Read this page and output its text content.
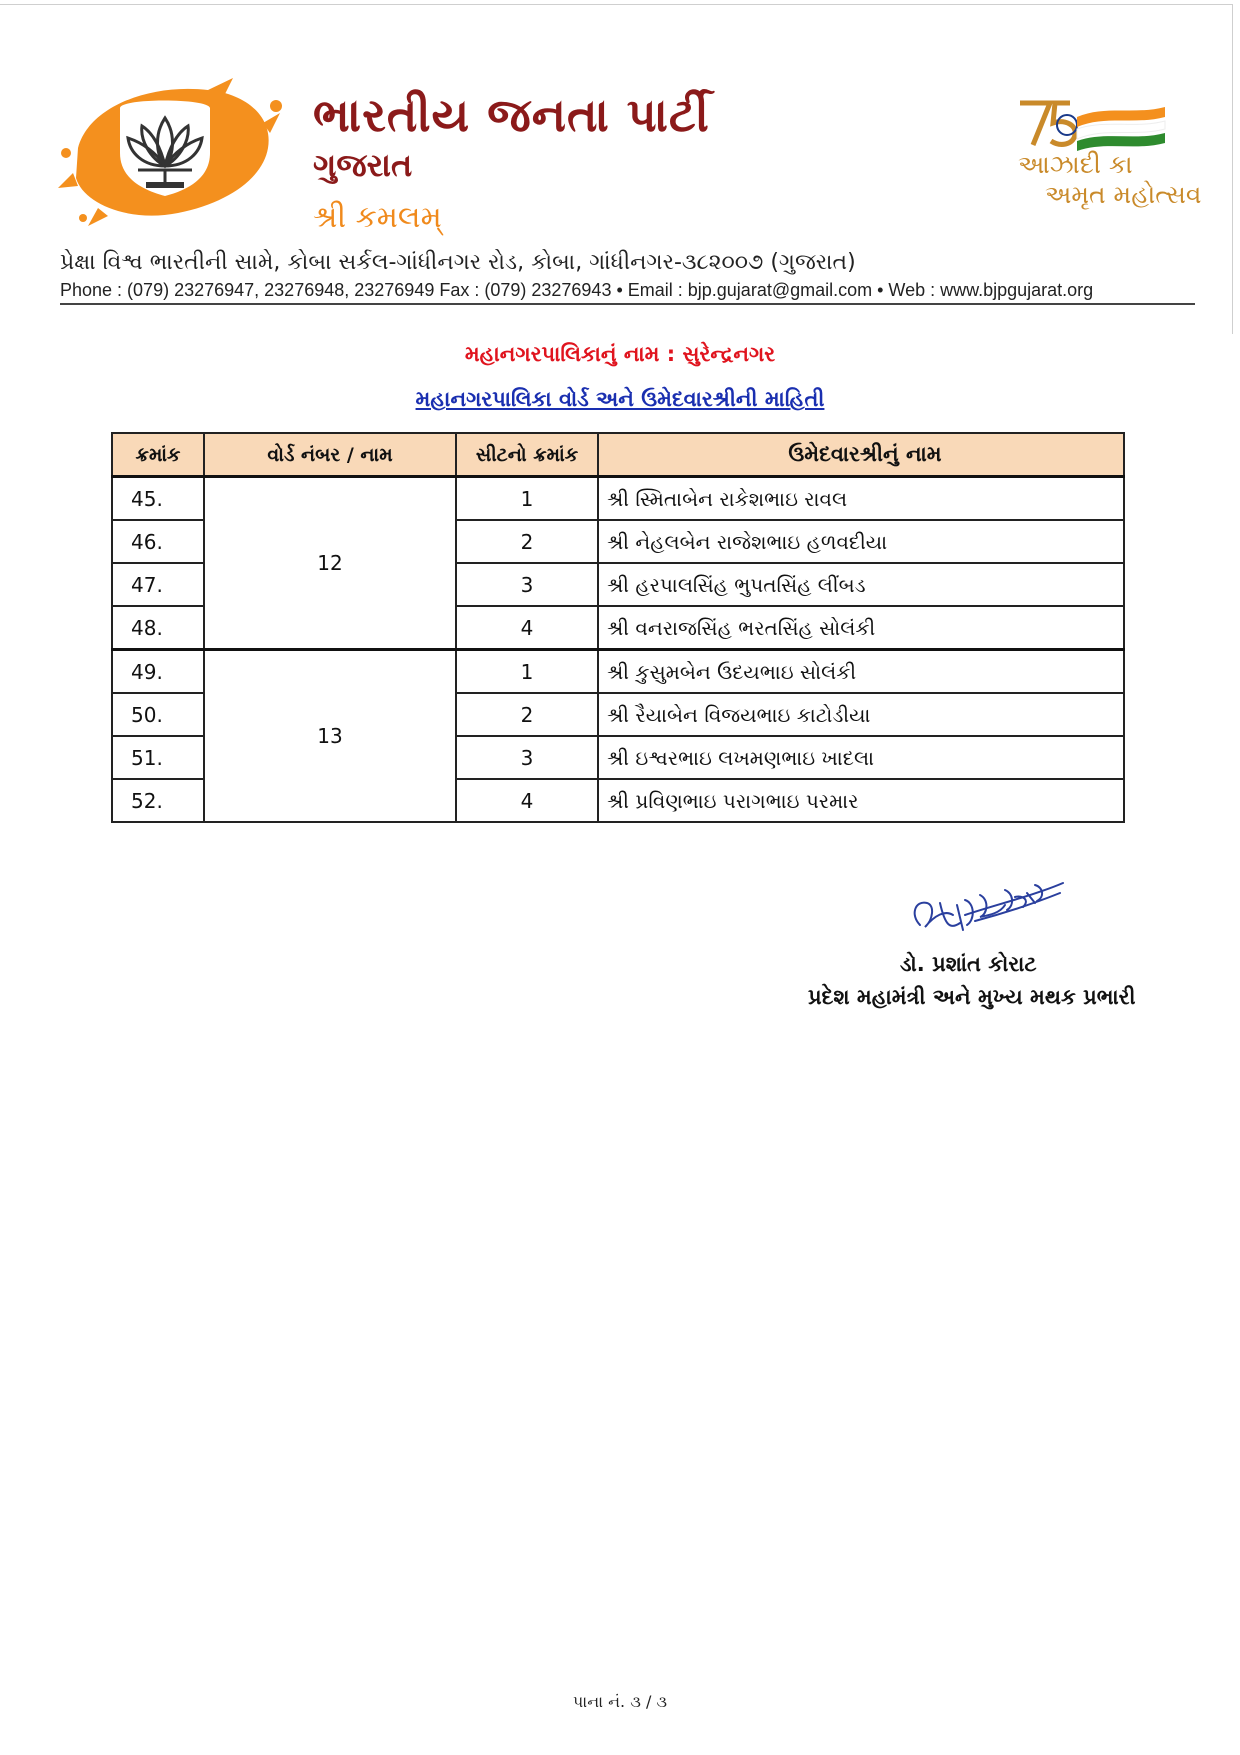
ભારતીય જનતા પાર્ટી
ગુજરાત
શ્રી કમલમ્
આઝાદી કા
અમૃત મહોત્સવ
પ્રેક્ષા વિશ્વ ભારતીની સામે, કોબા સર્કલ-ગાંધીનગર રોડ, કોબા, ગાંધીનગર-૩૮૨૦૦૭ (ગુજરાત)
Phone : (079) 23276947, 23276948, 23276949 Fax : (079) 23276943 • Email : bjp.gujarat@gmail.com • Web : www.bjpgujarat.org
મહાનગરપાલિકાનું નામ : સુરેન્દ્રનગર
મહાનગરપાલિકા વોર્ડ અને ઉમેદવારશ્રીની માહિતી
ક્રમાંક	વોર્ડ નંબર / નામ	સીટનો ક્રમાંક	ઉમેદવારશ્રીનું નામ
45.	12	1	શ્રી સ્મિતાબેન રાકેશભાઇ રાવલ
46.		2	શ્રી નેહલબેન રાજેશભાઇ હળવદીયા
47.		3	શ્રી હરપાલસિંહ ભુપતસિંહ લીંબડ
48.		4	શ્રી વનરાજસિંહ ભરતસિંહ સોલંકી
49.	13	1	શ્રી કુસુમબેન ઉદયભાઇ સોલંકી
50.		2	શ્રી રૈયાબેન વિજયભાઇ કાટોડીયા
51.		3	શ્રી ઇશ્વરભાઇ લખમણભાઇ ખાદલા
52.		4	શ્રી પ્રવિણભાઇ પરાગભાઇ પરમાર
ડો. પ્રશાંત કોરાટ
પ્રદેશ મહામંત્રી અને મુખ્ય મથક પ્રભારી
પાના નં. ૩ / ૩
